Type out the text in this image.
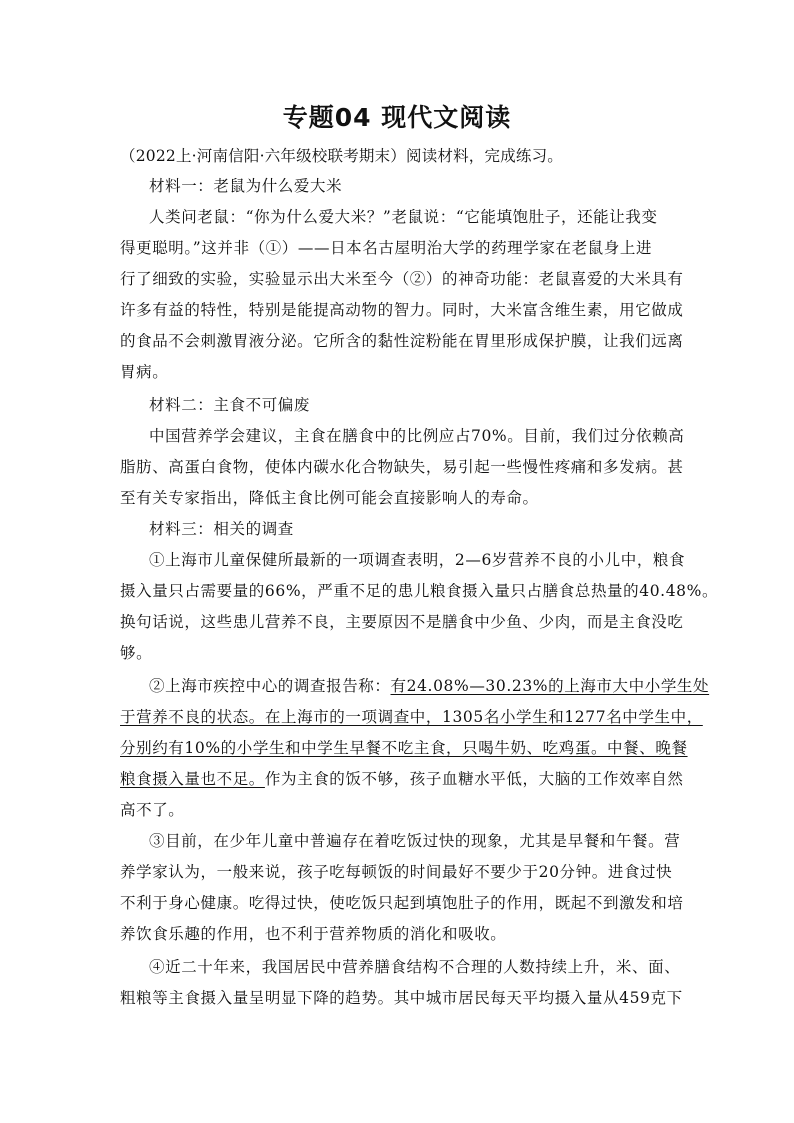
专题04 现代文阅读
（2022上·河南信阳·六年级校联考期末）阅读材料，完成练习。
材料一：老鼠为什么爱大米
人类问老鼠：“你为什么爱大米？”老鼠说：“它能填饱肚子，还能让我变
得更聪明。”这并非（①）——日本名古屋明治大学的药理学家在老鼠身上进
行了细致的实验，实验显示出大米至今（②）的神奇功能：老鼠喜爱的大米具有
许多有益的特性，特别是能提高动物的智力。同时，大米富含维生素，用它做成
的食品不会刺激胃液分泌。它所含的黏性淀粉能在胃里形成保护膜，让我们远离
胃病。
材料二：主食不可偏废
中国营养学会建议，主食在膳食中的比例应占70%。目前，我们过分依赖高
脂肪、高蛋白食物，使体内碳水化合物缺失，易引起一些慢性疼痛和多发病。甚
至有关专家指出，降低主食比例可能会直接影响人的寿命。
材料三：相关的调查
①上海市儿童保健所最新的一项调查表明，2—6岁营养不良的小儿中，粮食
摄入量只占需要量的66%，严重不足的患儿粮食摄入量只占膳食总热量的40.48%。
换句话说，这些患儿营养不良，主要原因不是膳食中少鱼、少肉，而是主食没吃
够。
②上海市疾控中心的调查报告称：有24.08%—30.23%的上海市大中小学生处
于营养不良的状态。在上海市的一项调查中，1305名小学生和1277名中学生中，
分别约有10%的小学生和中学生早餐不吃主食，只喝牛奶、吃鸡蛋。中餐、晚餐
粮食摄入量也不足。作为主食的饭不够，孩子血糖水平低，大脑的工作效率自然
高不了。
③目前，在少年儿童中普遍存在着吃饭过快的现象，尤其是早餐和午餐。营
养学家认为，一般来说，孩子吃每顿饭的时间最好不要少于20分钟。进食过快
不利于身心健康。吃得过快，使吃饭只起到填饱肚子的作用，既起不到激发和培
养饮食乐趣的作用，也不利于营养物质的消化和吸收。
④近二十年来，我国居民中营养膳食结构不合理的人数持续上升，米、面、
粗粮等主食摄入量呈明显下降的趋势。其中城市居民每天平均摄入量从459克下
